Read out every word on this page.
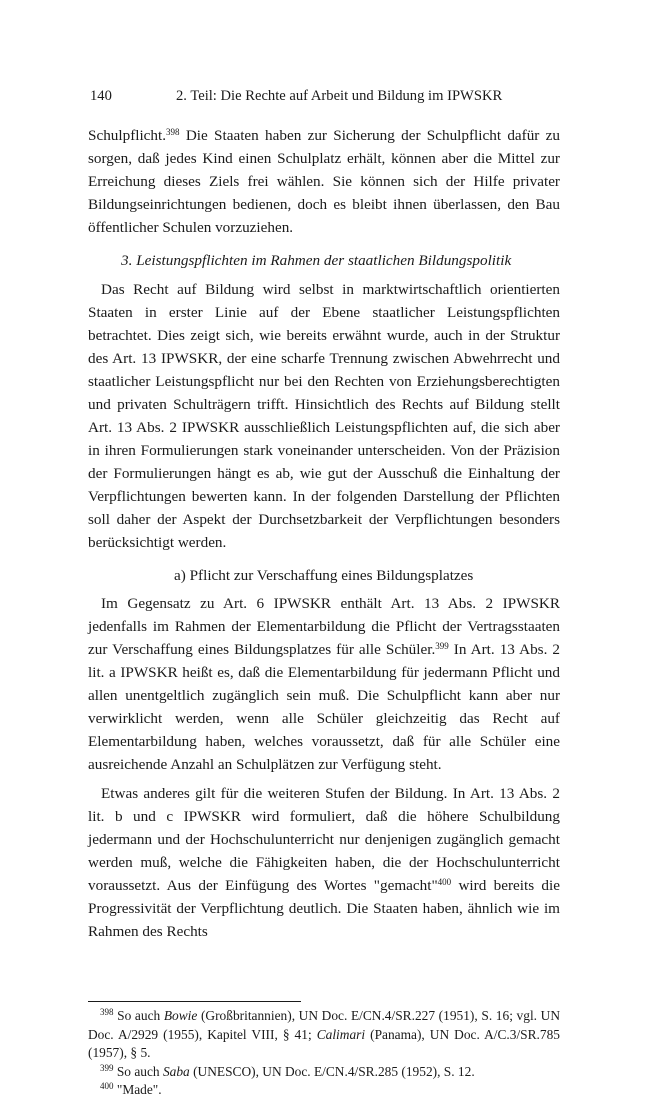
140	2. Teil: Die Rechte auf Arbeit und Bildung im IPWSKR

Schulpflicht.$^{398}$ Die Staaten haben zur Sicherung der Schulpflicht dafür zu sorgen, daß jedes Kind einen Schulplatz erhält, können aber die Mittel zur Erreichung dieses Ziels frei wählen. Sie können sich der Hilfe privater Bildungseinrichtungen bedienen, doch es bleibt ihnen überlassen, den Bau öffentlicher Schulen vorzuziehen.

3. Leistungspflichten im Rahmen der staatlichen Bildungspolitik

Das Recht auf Bildung wird selbst in marktwirtschaftlich orientierten Staaten in erster Linie auf der Ebene staatlicher Leistungspflichten betrachtet. Dies zeigt sich, wie bereits erwähnt wurde, auch in der Struktur des Art. 13 IPWSKR, der eine scharfe Trennung zwischen Abwehrrecht und staatlicher Leistungspflicht nur bei den Rechten von Erziehungsberechtigten und privaten Schulträgern trifft. Hinsichtlich des Rechts auf Bildung stellt Art. 13 Abs. 2 IPWSKR ausschließlich Leistungspflichten auf, die sich aber in ihren Formulierungen stark voneinander unterscheiden. Von der Präzision der Formulierungen hängt es ab, wie gut der Ausschuß die Einhaltung der Verpflichtungen bewerten kann. In der folgenden Darstellung der Pflichten soll daher der Aspekt der Durchsetzbarkeit der Verpflichtungen besonders berücksichtigt werden.

a) Pflicht zur Verschaffung eines Bildungsplatzes

Im Gegensatz zu Art. 6 IPWSKR enthält Art. 13 Abs. 2 IPWSKR jedenfalls im Rahmen der Elementarbildung die Pflicht der Vertragsstaaten zur Verschaffung eines Bildungsplatzes für alle Schüler.$^{399}$ In Art. 13 Abs. 2 lit. a IPWSKR heißt es, daß die Elementarbildung für jedermann Pflicht und allen unentgeltlich zugänglich sein muß. Die Schulpflicht kann aber nur verwirklicht werden, wenn alle Schüler gleichzeitig das Recht auf Elementarbildung haben, welches voraussetzt, daß für alle Schüler eine ausreichende Anzahl an Schulplätzen zur Verfügung steht.

Etwas anderes gilt für die weiteren Stufen der Bildung. In Art. 13 Abs. 2 lit. b und c IPWSKR wird formuliert, daß die höhere Schulbildung jedermann und der Hochschulunterricht nur denjenigen zugänglich gemacht werden muß, welche die Fähigkeiten haben, die der Hochschulunterricht voraussetzt. Aus der Einfügung des Wortes "gemacht"$^{400}$ wird bereits die Progressivität der Verpflichtung deutlich. Die Staaten haben, ähnlich wie im Rahmen des Rechts

$^{398}$ So auch Bowie (Großbritannien), UN Doc. E/CN.4/SR.227 (1951), S. 16; vgl. UN Doc. A/2929 (1955), Kapitel VIII, § 41; Calimari (Panama), UN Doc. A/C.3/SR.785 (1957), § 5.

$^{399}$ So auch Saba (UNESCO), UN Doc. E/CN.4/SR.285 (1952), S. 12.

$^{400}$ "Made".
